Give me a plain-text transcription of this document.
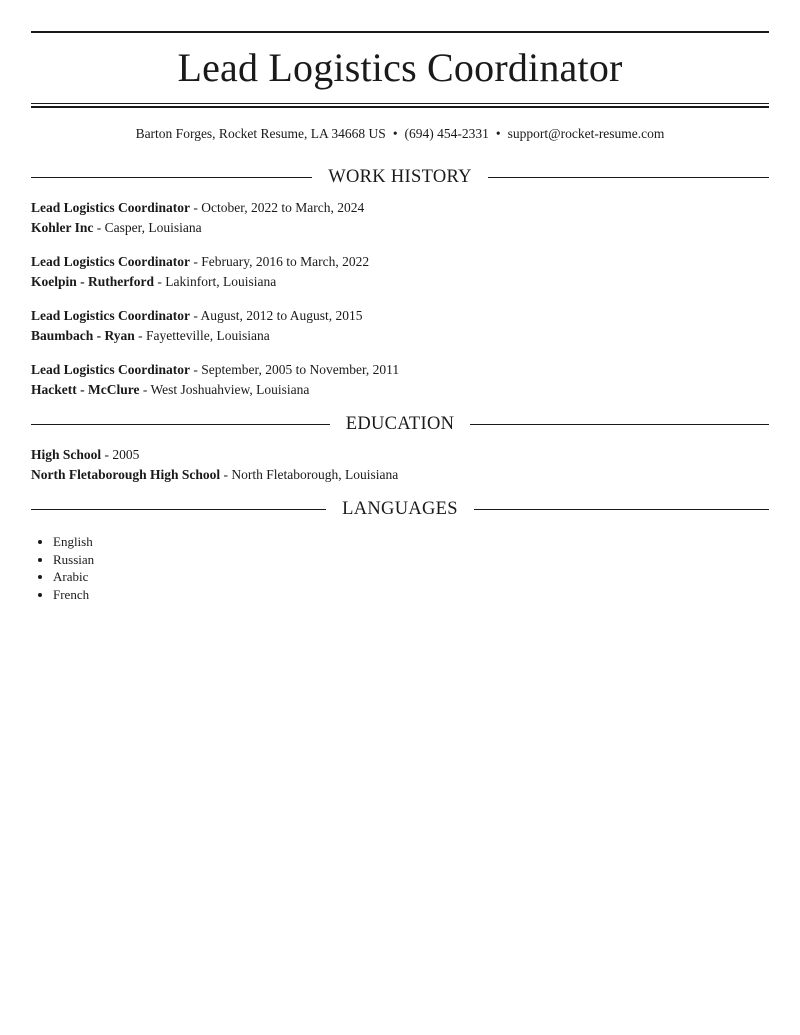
Lead Logistics Coordinator
Barton Forges, Rocket Resume, LA 34668 US • (694) 454-2331 • support@rocket-resume.com
WORK HISTORY
Lead Logistics Coordinator - October, 2022 to March, 2024
Kohler Inc - Casper, Louisiana
Lead Logistics Coordinator - February, 2016 to March, 2022
Koelpin - Rutherford - Lakinfort, Louisiana
Lead Logistics Coordinator - August, 2012 to August, 2015
Baumbach - Ryan - Fayetteville, Louisiana
Lead Logistics Coordinator - September, 2005 to November, 2011
Hackett - McClure - West Joshuahview, Louisiana
EDUCATION
High School - 2005
North Fletaborough High School - North Fletaborough, Louisiana
LANGUAGES
• English
• Russian
• Arabic
• French
